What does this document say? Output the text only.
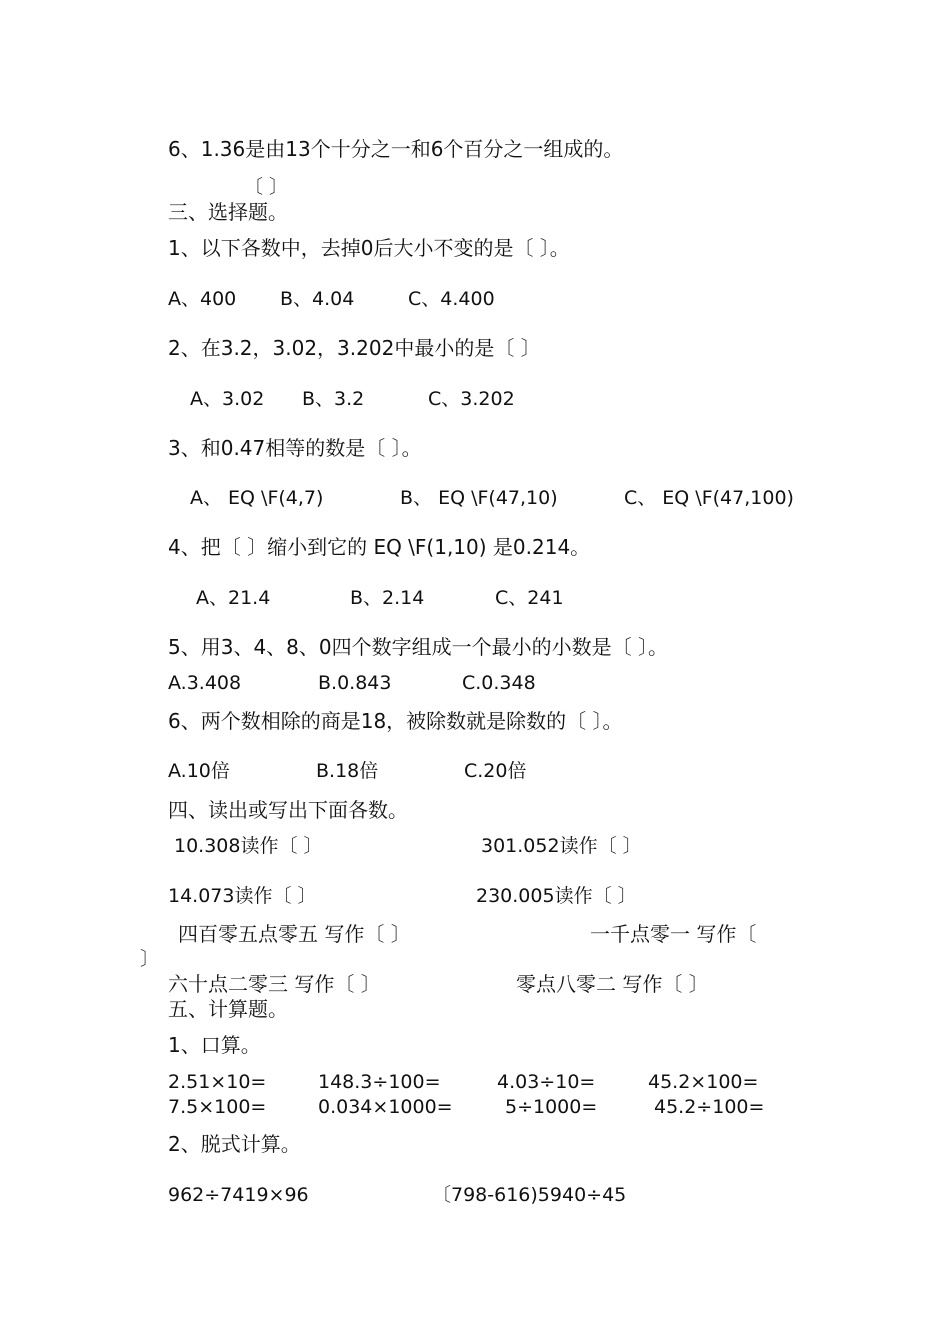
6、1.36是由13个十分之一和6个百分之一组成的。
〔 〕
三、选择题。
1、以下各数中，去掉0后大小不变的是〔 〕。
A、400 B、4.04	C、4.400
2、在3.2，3.02，3.202中最小的是〔 〕
A、3.02 B、3.2	C、3.202
3、和0.47相等的数是〔 〕。
A、 EQ \F(4,7)	B、 EQ \F(47,10)	C、 EQ \F(47,100)
4、把〔 〕缩小到它的 EQ \F(1,10) 是0.214。
A、21.4	B、2.14	C、241
5、用3、4、8、0四个数字组成一个最小的小数是〔 〕。
A.3.408	B.0.843	C.0.348
6、两个数相除的商是18，被除数就是除数的〔 〕。
A.10倍	B.18倍	C.20倍
四、读出或写出下面各数。
10.308读作〔 〕	301.052读作〔 〕
14.073读作〔 〕	230.005读作〔 〕
四百零五点零五 写作〔 〕	一千点零一 写作〔
〕
六十点二零三 写作〔 〕	零点八零二 写作〔 〕
五、计算题。
1、口算。
2.51×10=	148.3÷100=	4.03÷10=	45.2×100=
7.5×100=	0.034×1000=	5÷1000=	45.2÷100=
2、脱式计算。
962÷7419×96	〔798-616)5940÷45
